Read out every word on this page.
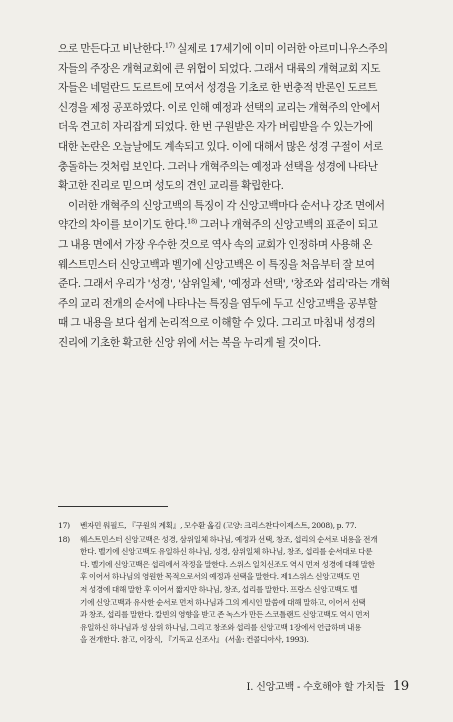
으로 만든다고 비난한다.$^{17)}$ 실제로 17세기에 이미 이러한 아르미니우스주의
자들의 주장은 개혁교회에 큰 위협이 되었다. 그래서 대륙의 개혁교회 지도
자들은 네덜란드 도르트에 모여서 성경을 기초로 한 번충적 반론인 도르트
신경을 제정 공포하였다. 이로 인해 예정과 선택의 교리는 개혁주의 안에서
더욱 견고히 자리잡게 되었다. 한 번 구원받은 자가 버림받을 수 있는가에
대한 논란은 오늘날에도 계속되고 있다. 이에 대해서 많은 성경 구절이 서로
충돌하는 것처럼 보인다. 그러나 개혁주의는 예정과 선택을 성경에 나타난
확고한 진리로 믿으며 성도의 견인 교리를 확립한다.
이러한 개혁주의 신앙고백의 특징이 각 신앙고백마다 순서나 강조 면에서
약간의 차이를 보이기도 한다.$^{18)}$ 그러나 개혁주의 신앙고백의 표준이 되고
그 내용 면에서 가장 우수한 것으로 역사 속의 교회가 인정하며 사용해 온
웨스트민스터 신앙고백과 벨기에 신앙고백은 이 특징을 처음부터 잘 보여
준다. 그래서 우리가 '성경', '삼위일체', '예정과 선택', '창조와 섭리'라는 개혁
주의 교리 전개의 순서에 나타나는 특징을 염두에 두고 신앙고백을 공부할
때 그 내용을 보다 쉽게 논리적으로 이해할 수 있다. 그리고 마침내 성경의
진리에 기초한 확고한 신앙 위에 서는 복을 누리게 될 것이다.
17)	벤자민 워필드, 『구원의 계획』, 모수환 옮김 (고양: 크리스찬다이제스트, 2008), p. 77.
18)	웨스트민스터 신앙고백은 성경, 삼위일체 하나님, 예정과 선택, 창조, 섭리의 순서로 내용을 전개
한다. 벨기에 신앙고백도 유일하신 하나님, 성경, 삼위일체 하나님, 창조, 섭리를 순서대로 다룬
다. 벨기에 신앙고백은 섭리에서 작정을 말한다. 스위스 일치신조도 역시 먼저 성경에 대해 말한
후 이어서 하나님의 영원한 목적으로서의 예정과 선택을 말한다. 제1스위스 신앙고백도 먼
저 성경에 대해 말한 후 이어서 짧지만 하나님, 창조, 섭리를 말한다. 프랑스 신앙고백도 벨
기에 신앙고백과 유사한 순서로 먼저 하나님과 그의 계시인 말씀에 대해 말하고, 이어서 선택
과 창조, 섭리를 말한다. 칼빈의 영향을 받고 존 녹스가 만든 스코틀랜드 신앙고백도 역시 먼저
유일하신 하나님과 성 삼위 하나님, 그리고 창조와 섭리를 신앙고백 1장에서 언급하며 내용
을 전개한다. 참고, 이장식, 『기독교 신조사』 (서울: 컨콜디아사, 1993).
I. 신앙고백 - 수호해야 할 가치들 19
